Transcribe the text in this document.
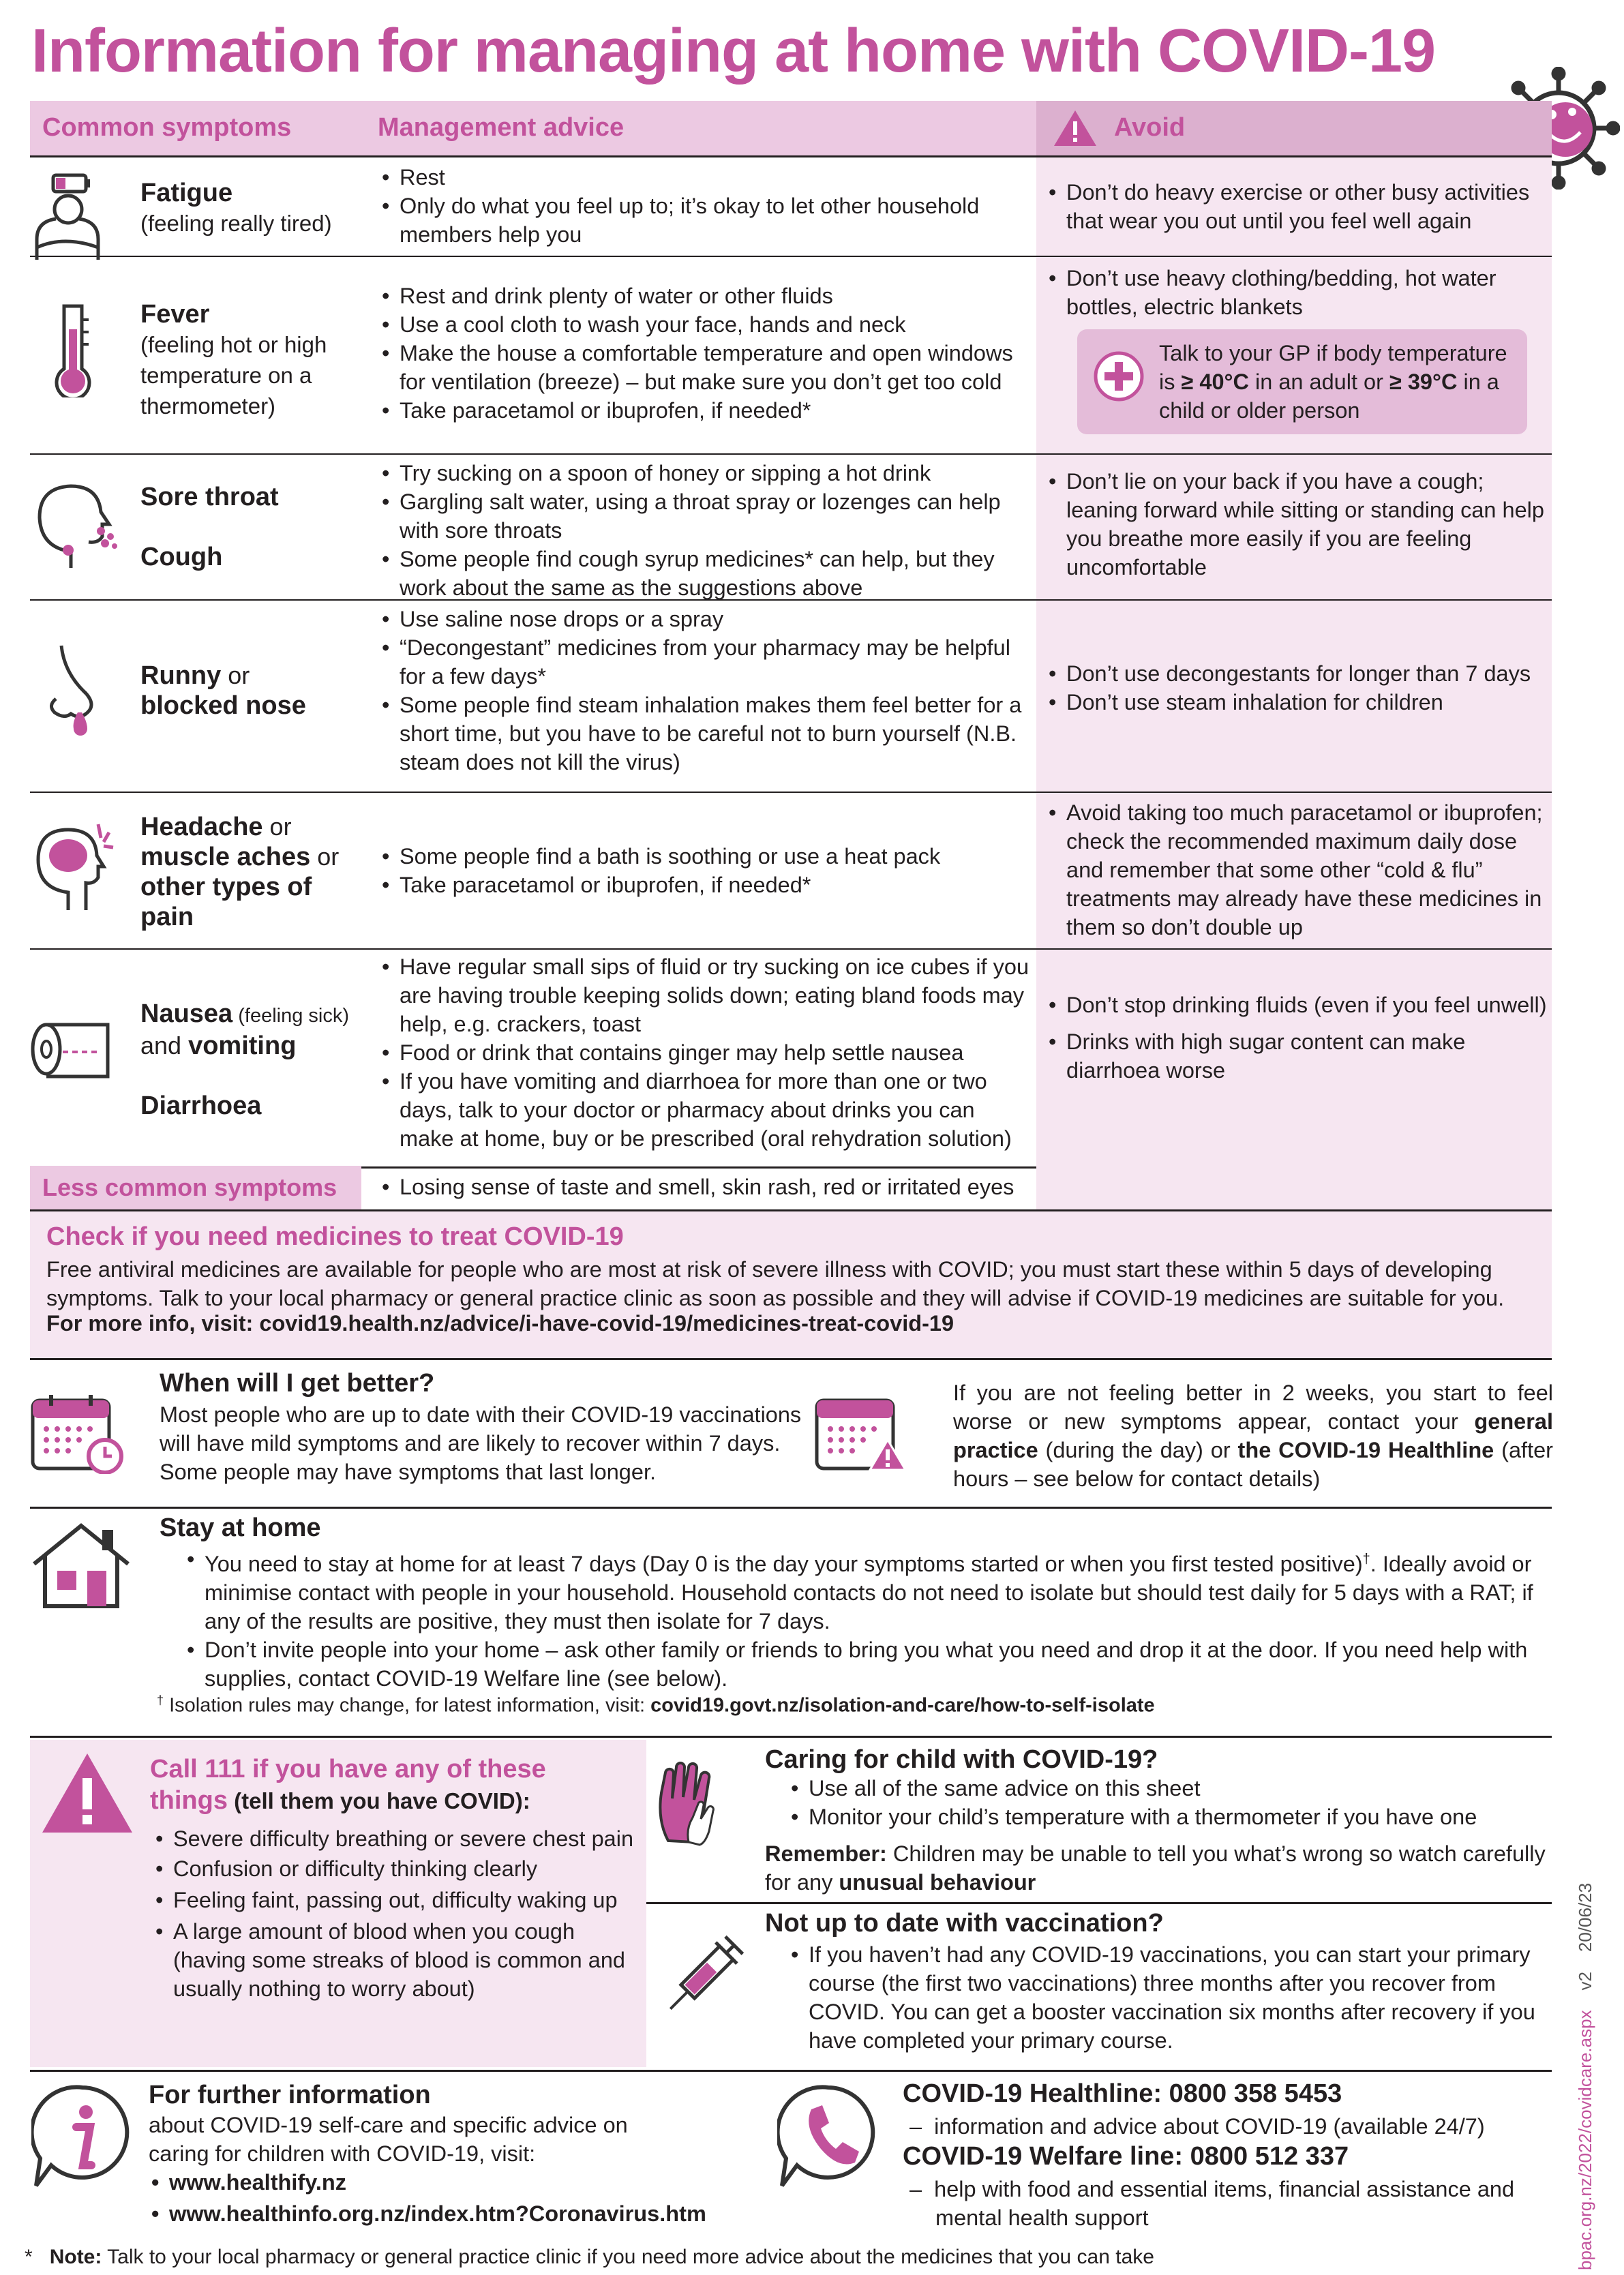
Information for managing at home with COVID-19
Common symptoms	Management advice	Avoid
Fatigue
(feeling really tired)
• Rest
• Only do what you feel up to; it’s okay to let other household members help you
• Don’t do heavy exercise or other busy activities that wear you out until you feel well again
Fever
(feeling hot or high temperature on a thermometer)
• Rest and drink plenty of water or other fluids
• Use a cool cloth to wash your face, hands and neck
• Make the house a comfortable temperature and open windows for ventilation (breeze) – but make sure you don’t get too cold
• Take paracetamol or ibuprofen, if needed*
• Don’t use heavy clothing/bedding, hot water bottles, electric blankets
Talk to your GP if body temperature is ≥ 40°C in an adult or ≥ 39°C in a child or older person
Sore throat

Cough
• Try sucking on a spoon of honey or sipping a hot drink
• Gargling salt water, using a throat spray or lozenges can help with sore throats
• Some people find cough syrup medicines* can help, but they work about the same as the suggestions above
• Don’t lie on your back if you have a cough; leaning forward while sitting or standing can help you breathe more easily if you are feeling uncomfortable
Runny or
blocked nose
• Use saline nose drops or a spray
• “Decongestant” medicines from your pharmacy may be helpful for a few days*
• Some people find steam inhalation makes them feel better for a short time, but you have to be careful not to burn yourself (N.B. steam does not kill the virus)
• Don’t use decongestants for longer than 7 days
• Don’t use steam inhalation for children
Headache or
muscle aches or
other types of pain
• Some people find a bath is soothing or use a heat pack
• Take paracetamol or ibuprofen, if needed*
• Avoid taking too much paracetamol or ibuprofen; check the recommended maximum daily dose and remember that some other “cold & flu” treatments may already have these medicines in them so don’t double up
Nausea (feeling sick)
and vomiting

Diarrhoea
• Have regular small sips of fluid or try sucking on ice cubes if you are having trouble keeping solids down; eating bland foods may help, e.g. crackers, toast
• Food or drink that contains ginger may help settle nausea
• If you have vomiting and diarrhoea for more than one or two days, talk to your doctor or pharmacy about drinks you can make at home, buy or be prescribed (oral rehydration solution)
• Don’t stop drinking fluids (even if you feel unwell)
• Drinks with high sugar content can make diarrhoea worse
Less common symptoms
•	Losing sense of taste and smell, skin rash, red or irritated eyes
Check if you need medicines to treat COVID-19

Free antiviral medicines are available for people who are most at risk of severe illness with COVID; you must start these within 5 days of developing symptoms. Talk to your local pharmacy or general practice clinic as soon as possible and they will advise if COVID-19 medicines are suitable for you.

For more info, visit: covid19.health.nz/advice/i-have-covid-19/medicines-treat-covid-19
When will I get better?
Most people who are up to date with their COVID-19 vaccinations will have mild symptoms and are likely to recover within 7 days. Some people may have symptoms that last longer.
If you are not feeling better in 2 weeks, you start to feel worse or new symptoms appear, contact your general practice (during the day) or the COVID-19 Healthline (after hours – see below for contact details)
Stay at home
• You need to stay at home for at least 7 days (Day 0 is the day your symptoms started or when you first tested positive)†. Ideally avoid or minimise contact with people in your household. Household contacts do not need to isolate but should test daily for 5 days with a RAT; if any of the results are positive, they must then isolate for 7 days.
• Don’t invite people into your home – ask other family or friends to bring you what you need and drop it at the door. If you need help with supplies, contact COVID-19 Welfare line (see below).
† Isolation rules may change, for latest information, visit: covid19.govt.nz/isolation-and-care/how-to-self-isolate
Call 111 if you have any of these
things (tell them you have COVID):
• Severe difficulty breathing or severe chest pain
• Confusion or difficulty thinking clearly
• Feeling faint, passing out, difficulty waking up
• A large amount of blood when you cough (having some streaks of blood is common and usually nothing to worry about)
Caring for child with COVID-19?
• Use all of the same advice on this sheet
• Monitor your child’s temperature with a thermometer if you have one
Remember: Children may be unable to tell you what’s wrong so watch carefully for any unusual behaviour
Not up to date with vaccination?
• If you haven’t had any COVID-19 vaccinations, you can start your primary course (the first two vaccinations) three months after you recover from COVID. You can get a booster vaccination six months after recovery if you have completed your primary course.
For further information
about COVID-19 self-care and specific advice on caring for children with COVID-19, visit:
• www.healthify.nz
• www.healthinfo.org.nz/index.htm?Coronavirus.htm
COVID-19 Healthline: 0800 358 5453
–  information and advice about COVID-19 (available 24/7)
COVID-19 Welfare line: 0800 512 337
–  help with food and essential items, financial assistance and mental health support
* Note: Talk to your local pharmacy or general practice clinic if you need more advice about the medicines that you can take	bpac.org.nz/2022/covidcare.aspx    v2    20/06/23
